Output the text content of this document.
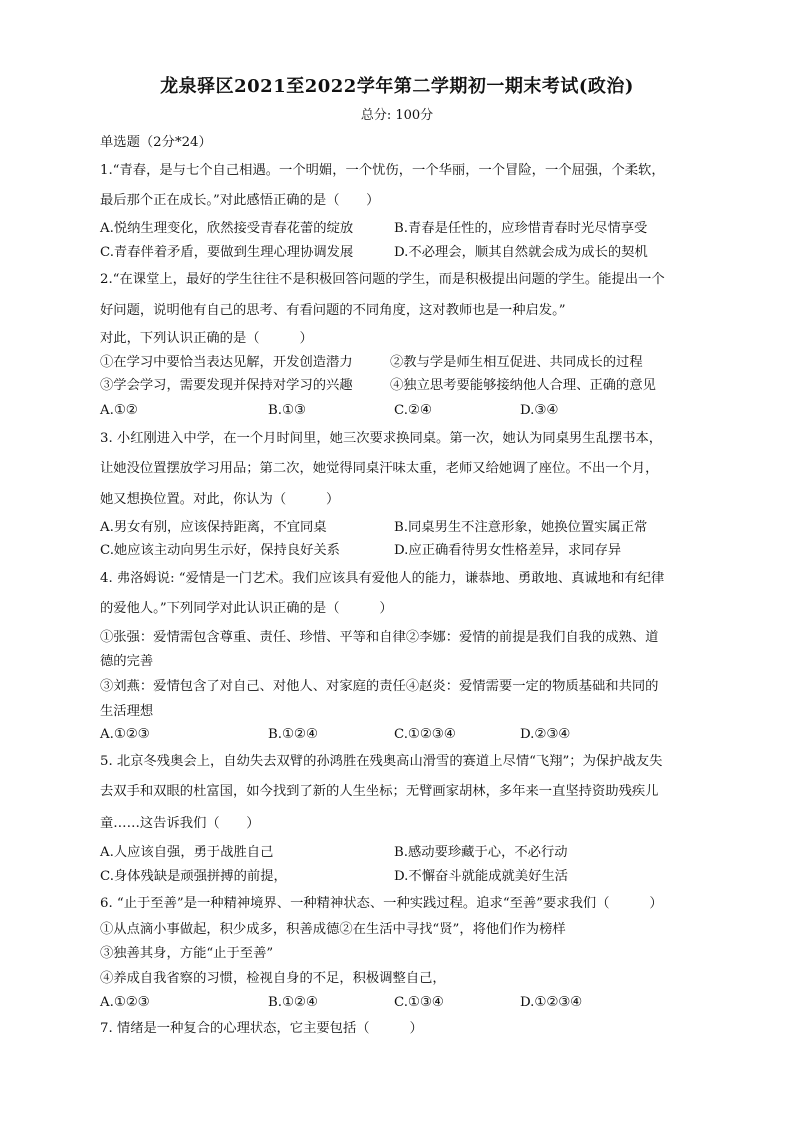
龙泉驿区2021至2022学年第二学期初一期末考试(政治)
总分: 100分
单选题（2分*24）
1.“青春，是与七个自己相遇。一个明媚，一个忧伤，一个华丽，一个冒险，一个屈强，个柔软，
最后那个正在成长。”对此感悟正确的是（　　）
A.悦纳生理变化，欣然接受青春花蕾的绽放	B.青春是任性的，应珍惜青春时光尽情享受
C.青春伴着矛盾，要做到生理心理协调发展	D.不必理会，顺其自然就会成为成长的契机
2.“在课堂上，最好的学生往往不是积极回答问题的学生，而是积极提出问题的学生。能提出一个
好问题，说明他有自己的思考、有看问题的不同角度，这对教师也是一种启发。”
对此，下列认识正确的是（　　　）
①在学习中要恰当表达见解，开发创造潜力	②教与学是师生相互促进、共同成长的过程
③学会学习，需要发现并保持对学习的兴趣	④独立思考要能够接纳他人合理、正确的意见
A.①②	B.①③	C.②④	D.③④
3. 小红刚进入中学，在一个月时间里，她三次要求换同桌。第一次，她认为同桌男生乱摆书本，
让她没位置摆放学习用品；第二次，她觉得同桌汗味太重，老师又给她调了座位。不出一个月，
她又想换位置。对此，你认为（　　　）
A.男女有别，应该保持距离，不宜同桌	B.同桌男生不注意形象，她换位置实属正常
C.她应该主动向男生示好，保持良好关系	D.应正确看待男女性格差异，求同存异
4. 弗洛姆说: “爱情是一门艺术。我们应该具有爱他人的能力，谦恭地、勇敢地、真诚地和有纪律
的爱他人。”下列同学对此认识正确的是（　　　）
①张强：爱情需包含尊重、责任、珍惜、平等和自律②李娜：爱情的前提是我们自我的成熟、道
德的完善
③刘燕：爱情包含了对自己、对他人、对家庭的责任④赵炎：爱情需要一定的物质基础和共同的
生活理想
A.①②③	B.①②④	C.①②③④	D.②③④
5. 北京冬残奥会上，自幼失去双臂的孙鸿胜在残奥高山滑雪的赛道上尽情“飞翔”；为保护战友失
去双手和双眼的杜富国，如今找到了新的人生坐标；无臂画家胡林，多年来一直坚持资助残疾儿
童……这告诉我们（　　）
A.人应该自强，勇于战胜自己	B.感动要珍藏于心，不必行动
C.身体残缺是顽强拼搏的前提，	D.不懈奋斗就能成就美好生活
6. “止于至善”是一种精神境界、一种精神状态、一种实践过程。追求“至善”要求我们（　　　）
①从点滴小事做起，积少成多，积善成德②在生活中寻找“贤”，将他们作为榜样
③独善其身，方能“止于至善”
④养成自我省察的习惯，检视自身的不足，积极调整自己，
A.①②③	B.①②④	C.①③④	D.①②③④
7. 情绪是一种复合的心理状态，它主要包括（　　　）
